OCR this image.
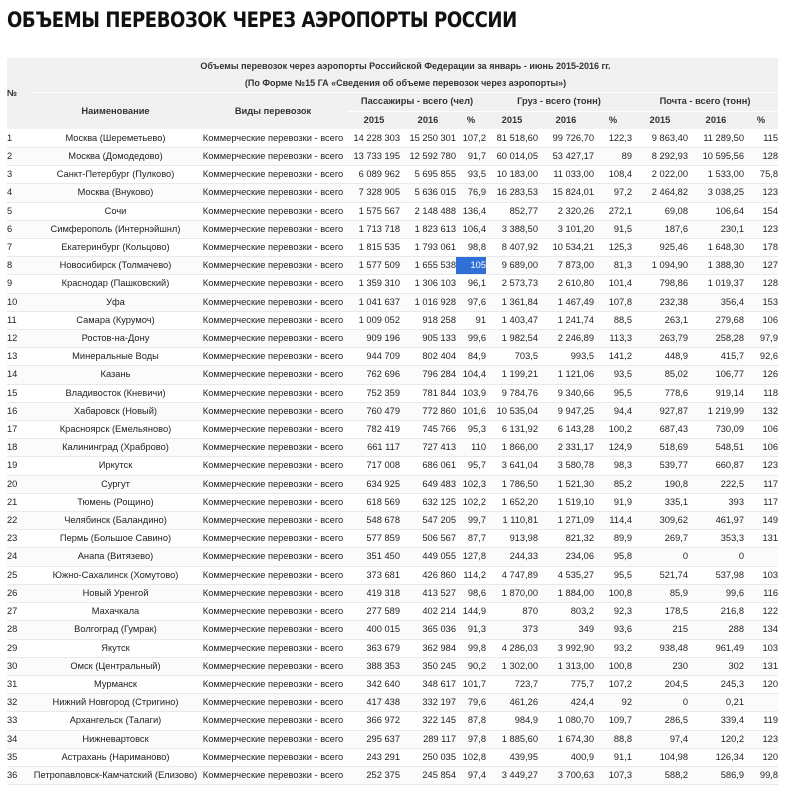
ОБЪЕМЫ ПЕРЕВОЗОК ЧЕРЕЗ АЭРОПОРТЫ РОССИИ
№	Объемы перевозок через аэропорты Российской Федерации за январь - июнь 2015-2016 гг.
(По Форме №15 ГА «Сведения об объеме перевозок через аэропорты»)										

	Наименование	Виды перевозок	Пассажиры - всего (чел)			Груз - всего (тонн)			Почта - всего (тонн)		
			2015	2016	%	2015	2016	%	2015	2016	%
1	Москва (Шереметьево)	Коммерческие перевозки - всего	14 228 303	15 250 301	107,2	81 518,60	99 726,70	122,3	9 863,40	11 289,50	115
2	Москва (Домодедово)	Коммерческие перевозки - всего	13 733 195	12 592 780	91,7	60 014,05	53 427,17	89	8 292,93	10 595,56	128
3	Санкт-Петербург (Пулково)	Коммерческие перевозки - всего	6 089 962	5 695 855	93,5	10 183,00	11 033,00	108,4	2 022,00	1 533,00	75,8
4	Москва (Внуково)	Коммерческие перевозки - всего	7 328 905	5 636 015	76,9	16 283,53	15 824,01	97,2	2 464,82	3 038,25	123
5	Сочи	Коммерческие перевозки - всего	1 575 567	2 148 488	136,4	852,77	2 320,26	272,1	69,08	106,64	154
6	Симферополь (Интернэйшнл)	Коммерческие перевозки - всего	1 713 718	1 823 613	106,4	3 388,50	3 101,20	91,5	187,6	230,1	123
7	Екатеринбург (Кольцово)	Коммерческие перевозки - всего	1 815 535	1 793 061	98,8	8 407,92	10 534,21	125,3	925,46	1 648,30	178
8	Новосибирск (Толмачево)	Коммерческие перевозки - всего	1 577 509	1 655 538	105	9 689,00	7 873,00	81,3	1 094,90	1 388,30	127
9	Краснодар (Пашковский)	Коммерческие перевозки - всего	1 359 310	1 306 103	96,1	2 573,73	2 610,80	101,4	798,86	1 019,37	128
10	Уфа	Коммерческие перевозки - всего	1 041 637	1 016 928	97,6	1 361,84	1 467,49	107,8	232,38	356,4	153
11	Самара (Курумоч)	Коммерческие перевозки - всего	1 009 052	918 258	91	1 403,47	1 241,74	88,5	263,1	279,68	106
12	Ростов-на-Дону	Коммерческие перевозки - всего	909 196	905 133	99,6	1 982,54	2 246,89	113,3	263,79	258,28	97,9
13	Минеральные Воды	Коммерческие перевозки - всего	944 709	802 404	84,9	703,5	993,5	141,2	448,9	415,7	92,6
14	Казань	Коммерческие перевозки - всего	762 696	796 284	104,4	1 199,21	1 121,06	93,5	85,02	106,77	126
15	Владивосток (Кневичи)	Коммерческие перевозки - всего	752 359	781 844	103,9	9 784,76	9 340,66	95,5	778,6	919,14	118
16	Хабаровск (Новый)	Коммерческие перевозки - всего	760 479	772 860	101,6	10 535,04	9 947,25	94,4	927,87	1 219,99	132
17	Красноярск (Емельяново)	Коммерческие перевозки - всего	782 419	745 766	95,3	6 131,92	6 143,28	100,2	687,43	730,09	106
18	Калининград (Храброво)	Коммерческие перевозки - всего	661 117	727 413	110	1 866,00	2 331,17	124,9	518,69	548,51	106
19	Иркутск	Коммерческие перевозки - всего	717 008	686 061	95,7	3 641,04	3 580,78	98,3	539,77	660,87	123
20	Сургут	Коммерческие перевозки - всего	634 925	649 483	102,3	1 786,50	1 521,30	85,2	190,8	222,5	117
21	Тюмень (Рощино)	Коммерческие перевозки - всего	618 569	632 125	102,2	1 652,20	1 519,10	91,9	335,1	393	117
22	Челябинск (Баландино)	Коммерческие перевозки - всего	548 678	547 205	99,7	1 110,81	1 271,09	114,4	309,62	461,97	149
23	Пермь (Большое Савино)	Коммерческие перевозки - всего	577 859	506 567	87,7	913,98	821,32	89,9	269,7	353,3	131
24	Анапа (Витязево)	Коммерческие перевозки - всего	351 450	449 055	127,8	244,33	234,06	95,8	0	0	
25	Южно-Сахалинск (Хомутово)	Коммерческие перевозки - всего	373 681	426 860	114,2	4 747,89	4 535,27	95,5	521,74	537,98	103
26	Новый Уренгой	Коммерческие перевозки - всего	419 318	413 527	98,6	1 870,00	1 884,00	100,8	85,9	99,6	116
27	Махачкала	Коммерческие перевозки - всего	277 589	402 214	144,9	870	803,2	92,3	178,5	216,8	122
28	Волгоград (Гумрак)	Коммерческие перевозки - всего	400 015	365 036	91,3	373	349	93,6	215	288	134
29	Якутск	Коммерческие перевозки - всего	363 679	362 984	99,8	4 286,03	3 992,90	93,2	938,48	961,49	103
30	Омск (Центральный)	Коммерческие перевозки - всего	388 353	350 245	90,2	1 302,00	1 313,00	100,8	230	302	131
31	Мурманск	Коммерческие перевозки - всего	342 640	348 617	101,7	723,7	775,7	107,2	204,5	245,3	120
32	Нижний Новгород (Стригино)	Коммерческие перевозки - всего	417 438	332 197	79,6	461,26	424,4	92	0	0,21	
33	Архангельск (Талаги)	Коммерческие перевозки - всего	366 972	322 145	87,8	984,9	1 080,70	109,7	286,5	339,4	119
34	Нижневартовск	Коммерческие перевозки - всего	295 637	289 117	97,8	1 885,60	1 674,30	88,8	97,4	120,2	123
35	Астрахань (Нариманово)	Коммерческие перевозки - всего	243 291	250 035	102,8	439,95	400,9	91,1	104,98	126,34	120
36	Петропавловск-Камчатский (Елизово)	Коммерческие перевозки - всего	252 375	245 854	97,4	3 449,27	3 700,63	107,3	588,2	586,9	99,8
